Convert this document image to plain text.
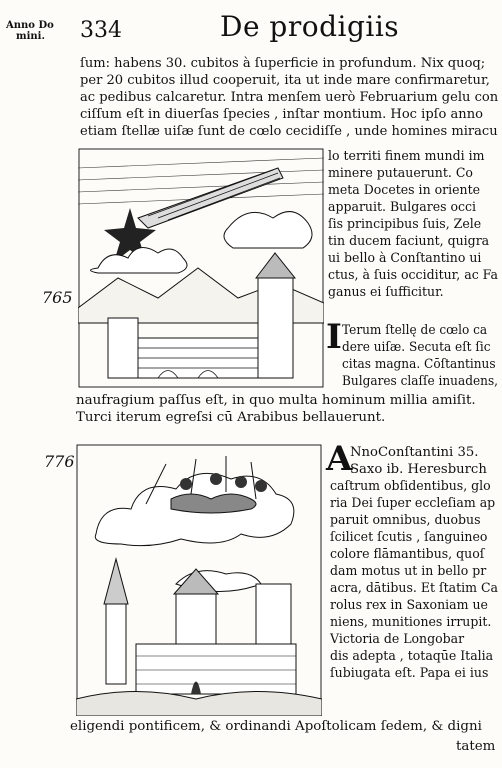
Anno Do
mini.	334	De prodigiis
ſum: habens 30. cubitos à ſuperficie in profundum. Nix quoq;
per 20 cubitos illud cooperuit, ita ut inde mare confirmaretur,
ac pedibus calcaretur. Intra menſem uerò Februarium gelu con
ciſſum eſt in diuerſas ſpecies , inſtar montium. Hoc ipſo anno
etiam ſtellæ uiſæ ſunt de cœlo cecidiſſe , unde homines miracu
lo territi finem mundi im
minere putauerunt. Co
meta Docetes in oriente
apparuit. Bulgares occi
ſis principibus ſuis, Zele
tin ducem faciunt, quigra
ui bello à Conſtantino ui
ctus, à ſuis occiditur, ac Fa
ganus ei ſufficitur.
765
I Terum ſtellę de cœlo ca
dere uiſæ. Secuta eſt ſic
citas magna. Cōſtantinus
Bulgares claſſe inuadens,
naufragium paſſus eſt, in quo multa hominum millia amiſit.
Turci iterum egreſsi cū Arabibus bellauerunt.
776	A
NnoConſtantini 35.
Saxo ib. Heresburch
caſtrum obſidentibus, glo
ria Dei ſuper eccleſiam ap
paruit omnibus, duobus
ſcilicet ſcutis , ſanguineo
colore flāmantibus, quoſ
dam motus ut in bello pr
acra, dātibus. Et ſtatim Ca
rolus rex in Saxoniam ue
niens, munitiones irrupit.
Victoria de Longobar
dis adepta , totaqūe Italia
ſubiugata eſt. Papa ei ius
eligendi pontificem, & ordinandi Apoſtolicam ſedem, & digni
tatem
